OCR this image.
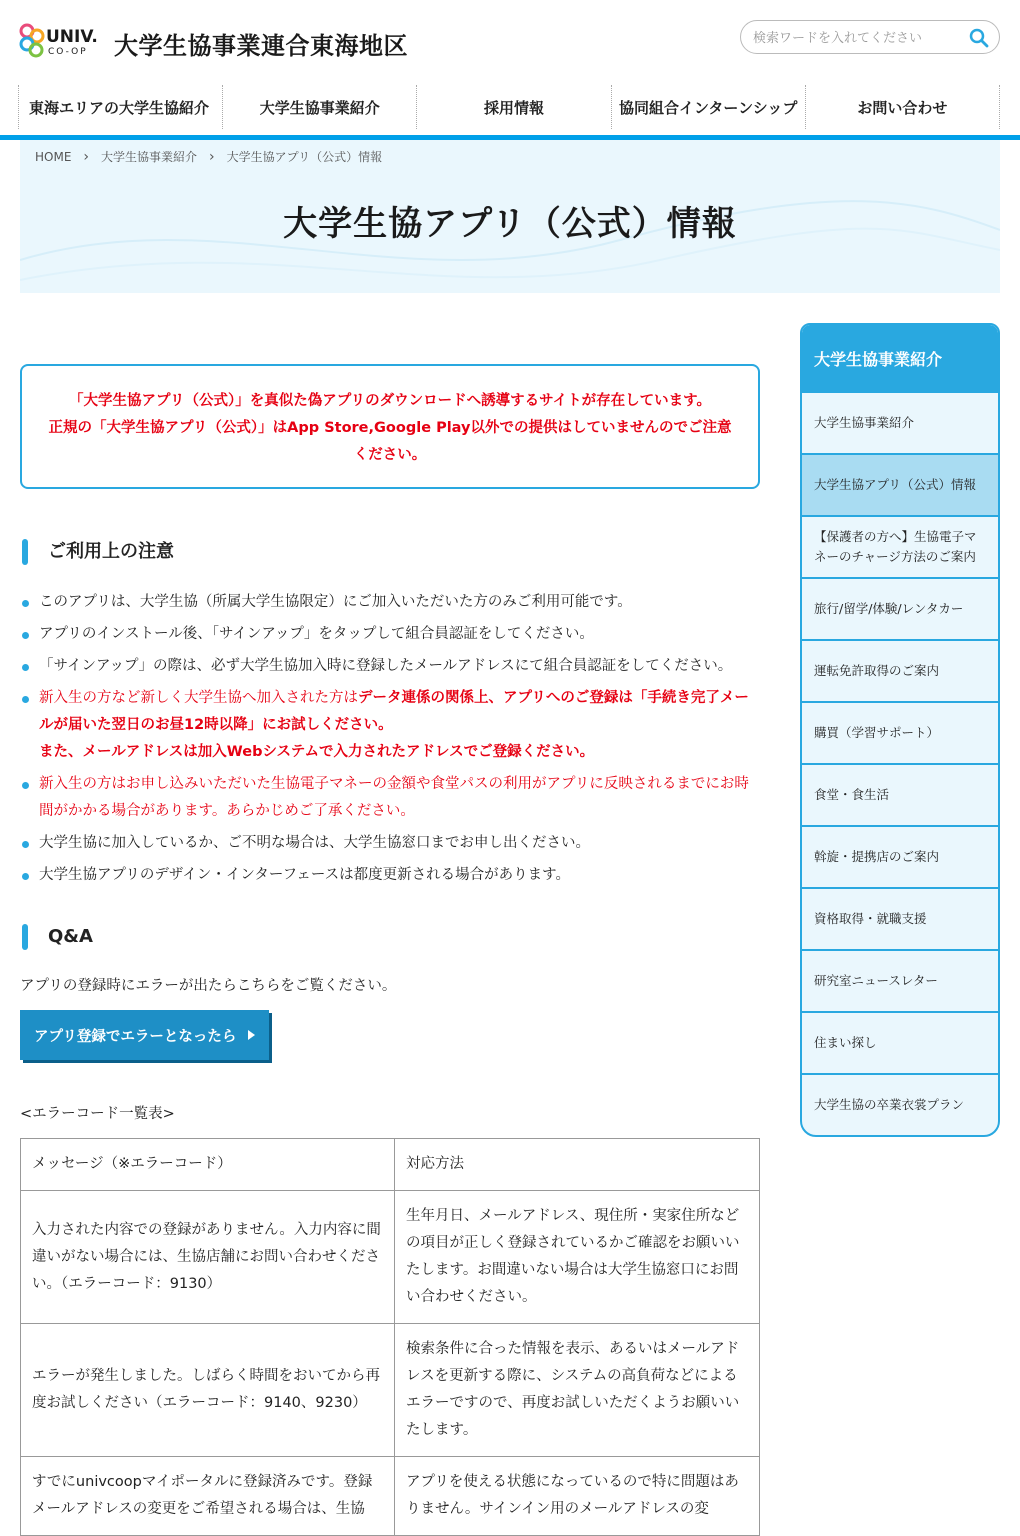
UNIV.
CO-OP 大学生協事業連合東海地区
検索ワードを入れてください
東海エリアの大学生協紹介	大学生協事業紹介	採用情報	協同組合インターンシップ	お問い合わせ
HOME › 大学生協事業紹介 › 大学生協アプリ（公式）情報
大学生協アプリ（公式）情報
「大学生協アプリ（公式）」を真似た偽アプリのダウンロードへ誘導するサイトが存在しています。
正規の「大学生協アプリ（公式）」はApp Store,Google Play以外での提供はしていませんのでご注意ください。
ご利用上の注意
このアプリは、大学生協（所属大学生協限定）にご加入いただいた方のみご利用可能です。
アプリのインストール後、「サインアップ」をタップして組合員認証をしてください。
「サインアップ」の際は、必ず大学生協加入時に登録したメールアドレスにて組合員認証をしてください。
新入生の方など新しく大学生協へ加入された方はデータ連係の関係上、アプリへのご登録は「手続き完了メールが届いた翌日のお昼12時以降」にお試しください。
また、メールアドレスは加入Webシステムで入力されたアドレスでご登録ください。
新入生の方はお申し込みいただいた生協電子マネーの金額や食堂パスの利用がアプリに反映されるまでにお時間がかかる場合があります。あらかじめご了承ください。
大学生協に加入しているか、ご不明な場合は、大学生協窓口までお申し出ください。
大学生協アプリのデザイン・インターフェースは都度更新される場合があります。
Q&A

アプリの登録時にエラーが出たらこちらをご覧ください。

アプリ登録でエラーとなったら

<エラーコード一覧表>

メッセージ（※エラーコード）	対応方法
入力された内容での登録がありません。入力内容に間違いがない場合には、生協店舗にお問い合わせください。（エラーコード：9130）	生年月日、メールアドレス、現住所・実家住所などの項目が正しく登録されているかご確認をお願いいたします。お間違いない場合は大学生協窓口にお問い合わせください。
エラーが発生しました。しばらく時間をおいてから再度お試しください（エラーコード：9140、9230）	検索条件に合った情報を表示、あるいはメールアドレスを更新する際に、システムの高負荷などによるエラーですので、再度お試しいただくようお願いいたします。
すでにunivcoopマイポータルに登録済みです。登録メールアドレスの変更をご希望される場合は、生協	アプリを使える状態になっているので特に問題はありません。サインイン用のメールアドレスの変
大学生協事業紹介
大学生協事業紹介
大学生協アプリ（公式）情報
【保護者の方へ】生協電子マネーのチャージ方法のご案内
旅行/留学/体験/レンタカー
運転免許取得のご案内
購買（学習サポート）
食堂・食生活
斡旋・提携店のご案内
資格取得・就職支援
研究室ニュースレター
住まい探し
大学生協の卒業衣裳プラン
